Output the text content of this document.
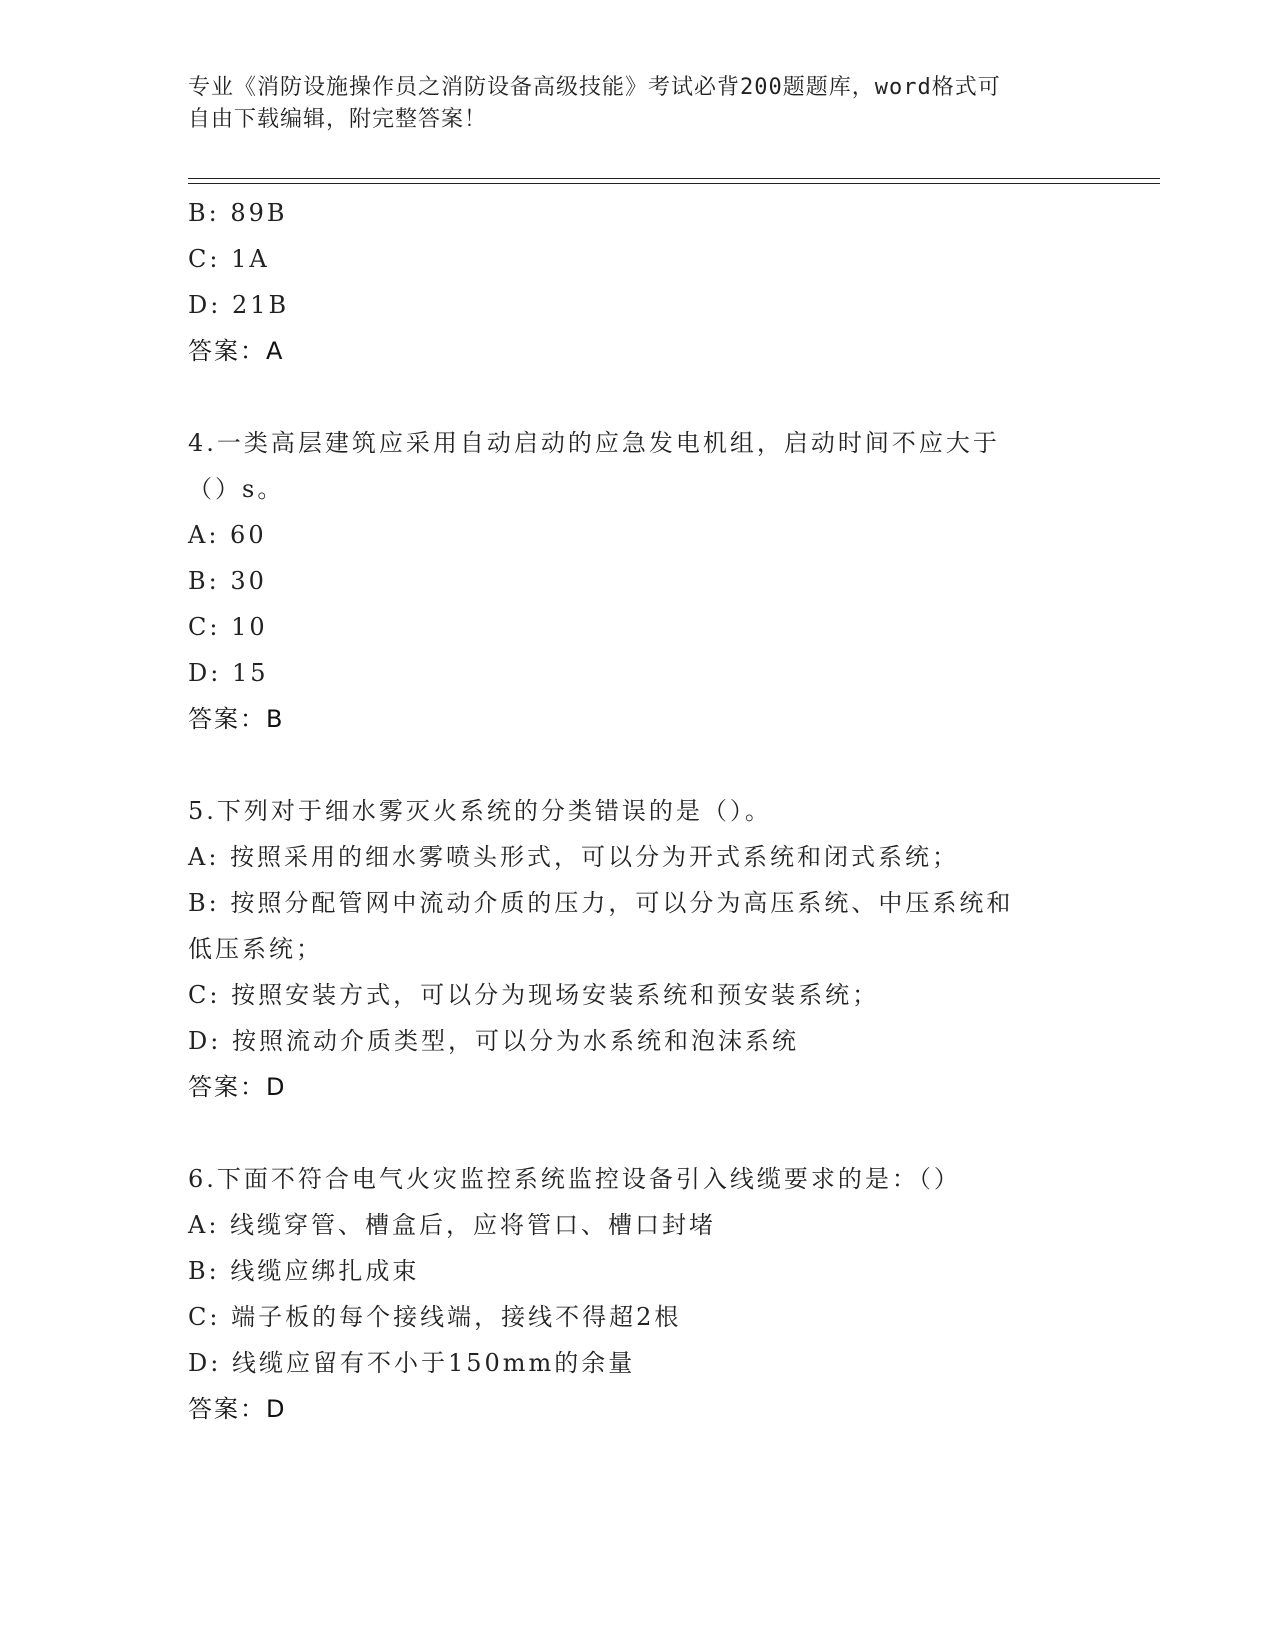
专业《消防设施操作员之消防设备高级技能》考试必背200题题库，word格式可
自由下载编辑，附完整答案！
B: 89B
C: 1A
D: 21B
答案：A
4.一类高层建筑应采用自动启动的应急发电机组，启动时间不应大于
（）s。
A: 60
B: 30
C: 10
D: 15
答案：B
5.下列对于细水雾灭火系统的分类错误的是（）。
A: 按照采用的细水雾喷头形式，可以分为开式系统和闭式系统；
B: 按照分配管网中流动介质的压力，可以分为高压系统、中压系统和
低压系统；
C: 按照安装方式，可以分为现场安装系统和预安装系统；
D: 按照流动介质类型，可以分为水系统和泡沫系统
答案：D
6.下面不符合电气火灾监控系统监控设备引入线缆要求的是：（）
A: 线缆穿管、槽盒后，应将管口、槽口封堵
B: 线缆应绑扎成束
C: 端子板的每个接线端，接线不得超2根
D: 线缆应留有不小于150mm的余量
答案：D
